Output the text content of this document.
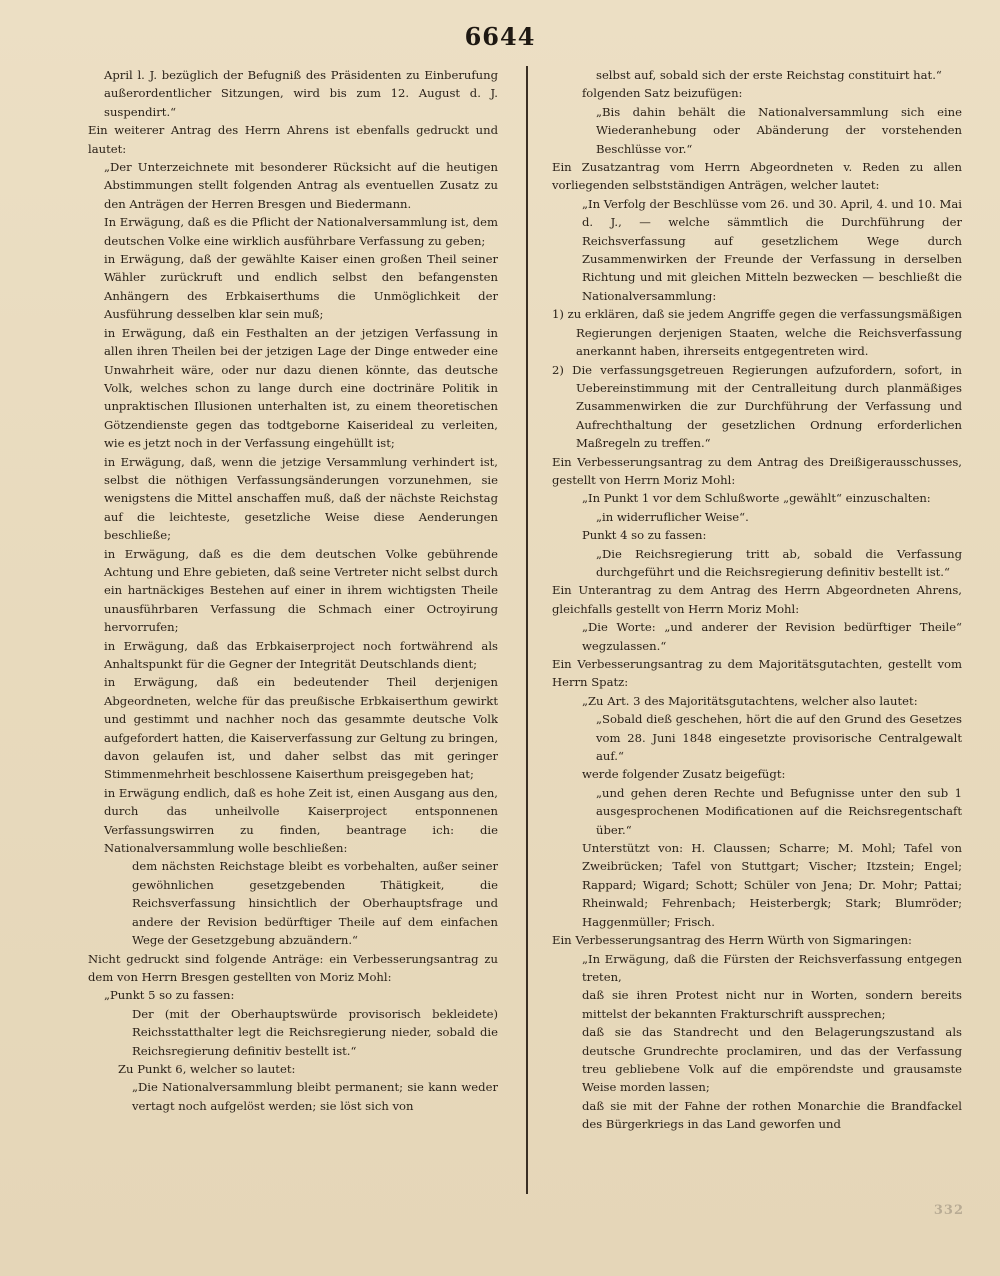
6644

April l. J. bezüglich der Befugniß des Präsidenten zu Einberufung außerordentlicher Sitzungen, wird bis zum 12. August d. J. suspendirt.“

Ein weiterer Antrag des Herrn Ahrens ist ebenfalls gedruckt und lautet:

„Der Unterzeichnete mit besonderer Rücksicht auf die heutigen Abstimmungen stellt folgenden Antrag als eventuellen Zusatz zu den Anträgen der Herren Bresgen und Biedermann.

In Erwägung, daß es die Pflicht der Nationalversammlung ist, dem deutschen Volke eine wirklich ausführbare Verfassung zu geben;

in Erwägung, daß der gewählte Kaiser einen großen Theil seiner Wähler zurückruft und endlich selbst den befangensten Anhängern des Erbkaiserthums die Unmöglichkeit der Ausführung desselben klar sein muß;

in Erwägung, daß ein Festhalten an der jetzigen Verfassung in allen ihren Theilen bei der jetzigen Lage der Dinge entweder eine Unwahrheit wäre, oder nur dazu dienen könnte, das deutsche Volk, welches schon zu lange durch eine doctrinäre Politik in unpraktischen Illusionen unterhalten ist, zu einem theoretischen Götzendienste gegen das todtgeborne Kaiserideal zu verleiten, wie es jetzt noch in der Verfassung eingehüllt ist;

in Erwägung, daß, wenn die jetzige Versammlung verhindert ist, selbst die nöthigen Verfassungsänderungen vorzunehmen, sie wenigstens die Mittel anschaffen muß, daß der nächste Reichstag auf die leichteste, gesetzliche Weise diese Aenderungen beschließe;

in Erwägung, daß es die dem deutschen Volke gebührende Achtung und Ehre gebieten, daß seine Vertreter nicht selbst durch ein hartnäckiges Bestehen auf einer in ihrem wichtigsten Theile unausführbaren Verfassung die Schmach einer Octroyirung hervorrufen;

in Erwägung, daß das Erbkaiserproject noch fortwährend als Anhaltspunkt für die Gegner der Integrität Deutschlands dient;

in Erwägung, daß ein bedeutender Theil derjenigen Abgeordneten, welche für das preußische Erbkaiserthum gewirkt und gestimmt und nachher noch das gesammte deutsche Volk aufgefordert hatten, die Kaiserverfassung zur Geltung zu bringen, davon gelaufen ist, und daher selbst das mit geringer Stimmenmehrheit beschlossene Kaiserthum preisgegeben hat;

in Erwägung endlich, daß es hohe Zeit ist, einen Ausgang aus den, durch das unheilvolle Kaiserproject entsponnenen Verfassungswirren zu finden, beantrage ich: die Nationalversammlung wolle beschließen:

dem nächsten Reichstage bleibt es vorbehalten, außer seiner gewöhnlichen gesetzgebenden Thätigkeit, die Reichsverfassung hinsichtlich der Oberhauptsfrage und andere der Revision bedürftiger Theile auf dem einfachen Wege der Gesetzgebung abzuändern.“

Nicht gedruckt sind folgende Anträge: ein Verbesserungsantrag zu dem von Herrn Bresgen gestellten von Moriz Mohl:

„Punkt 5 so zu fassen:

Der (mit der Oberhauptswürde provisorisch bekleidete) Reichsstatthalter legt die Reichsregierung nieder, sobald die Reichsregierung definitiv bestellt ist.“

Zu Punkt 6, welcher so lautet:

„Die Nationalversammlung bleibt permanent; sie kann weder vertagt noch aufgelöst werden; sie löst sich von

selbst auf, sobald sich der erste Reichstag constituirt hat.“

folgenden Satz beizufügen:

„Bis dahin behält die Nationalversammlung sich eine Wiederanhebung oder Abänderung der vorstehenden Beschlüsse vor.“

Ein Zusatzantrag vom Herrn Abgeordneten v. Reden zu allen vorliegenden selbstständigen Anträgen, welcher lautet:

„In Verfolg der Beschlüsse vom 26. und 30. April, 4. und 10. Mai d. J., — welche sämmtlich die Durchführung der Reichsverfassung auf gesetzlichem Wege durch Zusammenwirken der Freunde der Verfassung in derselben Richtung und mit gleichen Mitteln bezwecken — beschließt die Nationalversammlung:

1) zu erklären, daß sie jedem Angriffe gegen die verfassungsmäßigen Regierungen derjenigen Staaten, welche die Reichsverfassung anerkannt haben, ihrerseits entgegentreten wird.

2) Die verfassungsgetreuen Regierungen aufzufordern, sofort, in Uebereinstimmung mit der Centralleitung durch planmäßiges Zusammenwirken die zur Durchführung der Verfassung und Aufrechthaltung der gesetzlichen Ordnung erforderlichen Maßregeln zu treffen.“

Ein Verbesserungsantrag zu dem Antrag des Dreißigerausschusses, gestellt von Herrn Moriz Mohl:

„In Punkt 1 vor dem Schlußworte „gewählt“ einzuschalten:

„in widerruflicher Weise“.

Punkt 4 so zu fassen:

„Die Reichsregierung tritt ab, sobald die Verfassung durchgeführt und die Reichsregierung definitiv bestellt ist.“

Ein Unterantrag zu dem Antrag des Herrn Abgeordneten Ahrens, gleichfalls gestellt von Herrn Moriz Mohl:

„Die Worte: „und anderer der Revision bedürftiger Theile“ wegzulassen.“

Ein Verbesserungsantrag zu dem Majoritätsgutachten, gestellt vom Herrn Spatz:

„Zu Art. 3 des Majoritätsgutachtens, welcher also lautet:

„Sobald dieß geschehen, hört die auf den Grund des Gesetzes vom 28. Juni 1848 eingesetzte provisorische Centralgewalt auf.“

werde folgender Zusatz beigefügt:

„und gehen deren Rechte und Befugnisse unter den sub 1 ausgesprochenen Modificationen auf die Reichsregentschaft über.“

Unterstützt von: H. Claussen; Scharre; M. Mohl; Tafel von Zweibrücken; Tafel von Stuttgart; Vischer; Itzstein; Engel; Rappard; Wigard; Schott; Schüler von Jena; Dr. Mohr; Pattai; Rheinwald; Fehrenbach; Heisterbergk; Stark; Blumröder; Haggenmüller; Frisch.

Ein Verbesserungsantrag des Herrn Würth von Sigmaringen:

„In Erwägung, daß die Fürsten der Reichsverfassung entgegen treten,

daß sie ihren Protest nicht nur in Worten, sondern bereits mittelst der bekannten Frakturschrift aussprechen;

daß sie das Standrecht und den Belagerungszustand als deutsche Grundrechte proclamiren, und das der Verfassung treu gebliebene Volk auf die empörendste und grausamste Weise morden lassen;

daß sie mit der Fahne der rothen Monarchie die Brandfackel des Bürgerkriegs in das Land geworfen und

332
